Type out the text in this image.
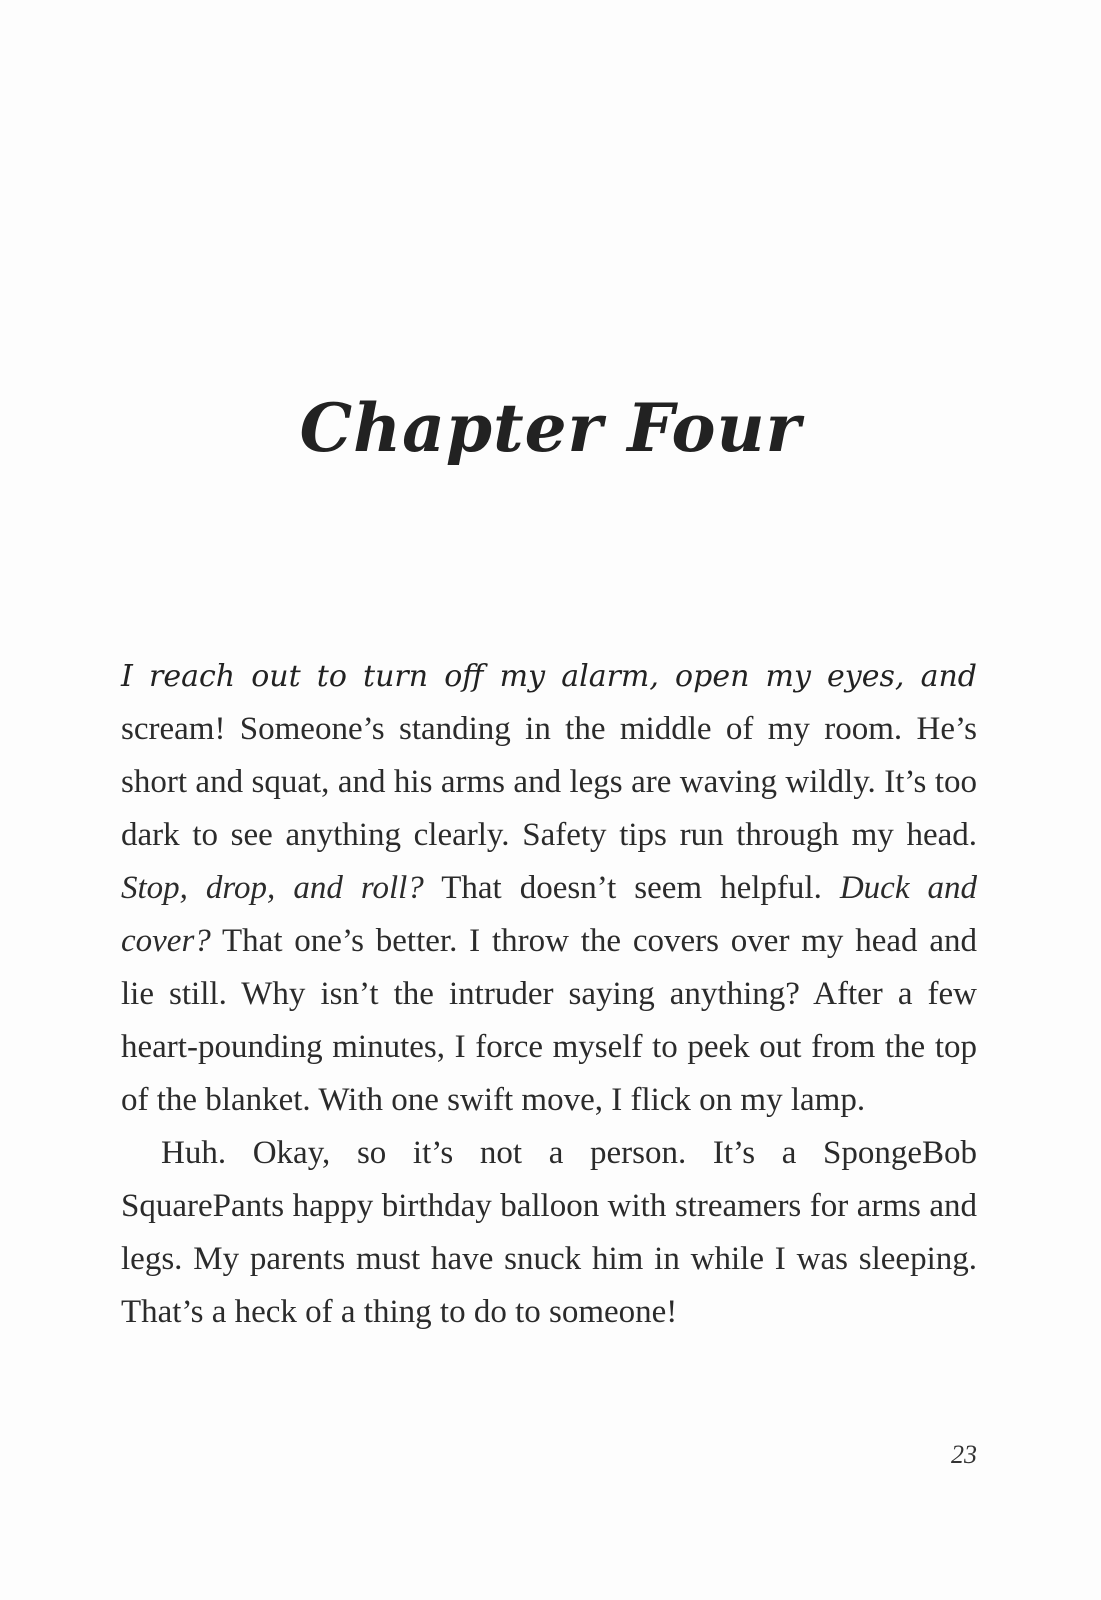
Chapter Four

I reach out to turn off my alarm, open my eyes, and scream! Someone’s standing in the middle of my room. He’s short and squat, and his arms and legs are waving wildly. It’s too dark to see anything clearly. Safety tips run through my head. Stop, drop, and roll? That doesn’t seem helpful. Duck and cover? That one’s better. I throw the covers over my head and lie still. Why isn’t the intruder saying anything? After a few heart-pounding minutes, I force myself to peek out from the top of the blanket. With one swift move, I flick on my lamp.

Huh. Okay, so it’s not a person. It’s a SpongeBob SquarePants happy birthday balloon with streamers for arms and legs. My parents must have snuck him in while I was sleeping. That’s a heck of a thing to do to someone!

23
